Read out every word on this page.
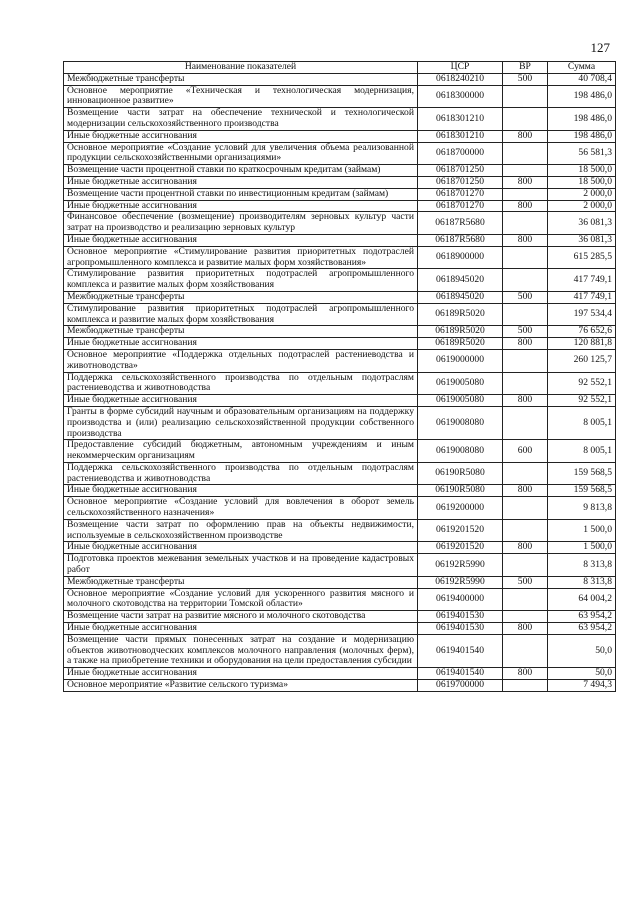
127
Наименование показателей	ЦСР	ВР	Сумма
Межбюджетные трансферты	0618240210	500	40 708,4
Основное мероприятие «Техническая и технологическая модернизация, инновационное развитие»	0618300000		198 486,0
Возмещение части затрат на обеспечение технической и технологической модернизации сельскохозяйственного производства	0618301210		198 486,0
Иные бюджетные ассигнования	0618301210	800	198 486,0
Основное мероприятие «Создание условий для увеличения объема реализованной продукции сельскохозяйственными организациями»	0618700000		56 581,3
Возмещение части процентной ставки по краткосрочным кредитам (займам)	0618701250		18 500,0
Иные бюджетные ассигнования	0618701250	800	18 500,0
Возмещение части процентной ставки по инвестиционным кредитам (займам)	0618701270		2 000,0
Иные бюджетные ассигнования	0618701270	800	2 000,0
Финансовое обеспечение (возмещение) производителям зерновых культур части затрат на производство и реализацию зерновых культур	06187R5680		36 081,3
Иные бюджетные ассигнования	06187R5680	800	36 081,3
Основное мероприятие «Стимулирование развития приоритетных подотраслей агропромышленного комплекса и развитие малых форм хозяйствования»	0618900000		615 285,5
Стимулирование развития приоритетных подотраслей агропромышленного комплекса и развитие малых форм хозяйствования	0618945020		417 749,1
Межбюджетные трансферты	0618945020	500	417 749,1
Стимулирование развития приоритетных подотраслей агропромышленного комплекса и развитие малых форм хозяйствования	06189R5020		197 534,4
Межбюджетные трансферты	06189R5020	500	76 652,6
Иные бюджетные ассигнования	06189R5020	800	120 881,8
Основное мероприятие «Поддержка отдельных подотраслей растениеводства и животноводства»	0619000000		260 125,7
Поддержка сельскохозяйственного производства по отдельным подотраслям растениеводства и животноводства	0619005080		92 552,1
Иные бюджетные ассигнования	0619005080	800	92 552,1
Гранты в форме субсидий научным и образовательным организациям на поддержку производства и (или) реализацию сельскохозяйственной продукции собственного производства	0619008080		8 005,1
Предоставление субсидий бюджетным, автономным учреждениям и иным некоммерческим организациям	0619008080	600	8 005,1
Поддержка сельскохозяйственного производства по отдельным подотраслям растениеводства и животноводства	06190R5080		159 568,5
Иные бюджетные ассигнования	06190R5080	800	159 568,5
Основное мероприятие «Создание условий для вовлечения в оборот земель сельскохозяйственного назначения»	0619200000		9 813,8
Возмещение части затрат по оформлению прав на объекты недвижимости, используемые в сельскохозяйственном производстве	0619201520		1 500,0
Иные бюджетные ассигнования	0619201520	800	1 500,0
Подготовка проектов межевания земельных участков и на проведение кадастровых работ	06192R5990		8 313,8
Межбюджетные трансферты	06192R5990	500	8 313,8
Основное мероприятие «Создание условий для ускоренного развития мясного и молочного скотоводства на территории Томской области»	0619400000		64 004,2
Возмещение части затрат на развитие мясного и молочного скотоводства	0619401530		63 954,2
Иные бюджетные ассигнования	0619401530	800	63 954,2
Возмещение части прямых понесенных затрат на создание и модернизацию объектов животноводческих комплексов молочного направления (молочных ферм), а также на приобретение техники и оборудования на цели предоставления субсидии	0619401540		50,0
Иные бюджетные ассигнования	0619401540	800	50,0
Основное мероприятие «Развитие сельского туризма»	0619700000		7 494,3
